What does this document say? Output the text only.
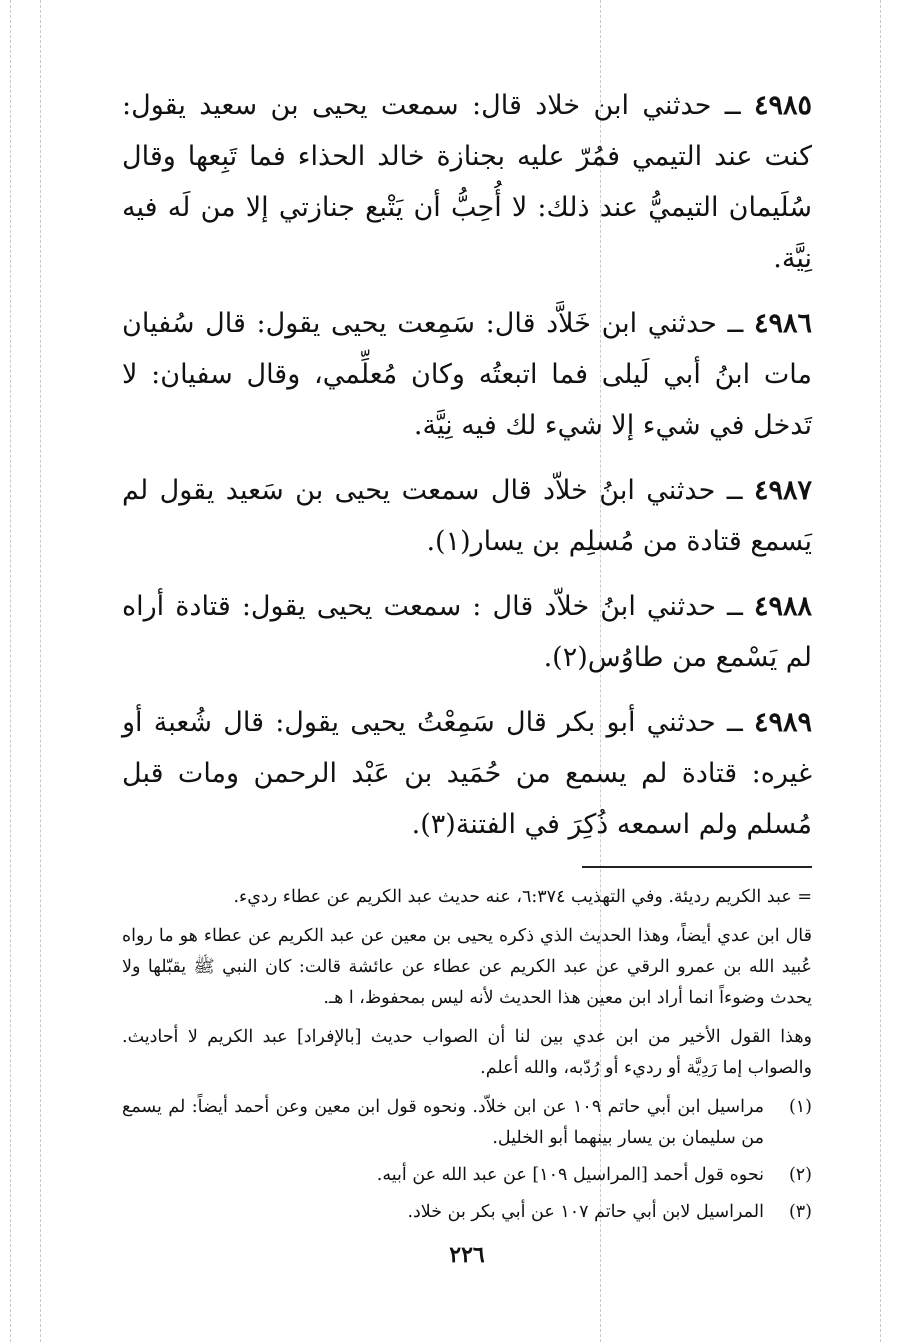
٤٩٨٥ ــ حدثني ابن خلاد قال: سمعت يحيى بن سعيد يقول: كنت عند التيمي فمُرّ عليه بجنازة خالد الحذاء فما تَبِعها وقال سُلَيمان التيميُّ عند ذلك: لا أُحِبُّ أن يَتْبع جنازتي إلا من لَه فيه نِيَّة.

٤٩٨٦ ــ حدثني ابن خَلاَّد قال: سَمِعت يحيى يقول: قال سُفيان مات ابنُ أبي لَيلى فما اتبعتُه وكان مُعلِّمي، وقال سفيان: لا تَدخل في شيء إلا شيء لك فيه نِيَّة.

٤٩٨٧ ــ حدثني ابنُ خلاّد قال سمعت يحيى بن سَعيد يقول لم يَسمع قتادة من مُسلِم بن يسار(١).

٤٩٨٨ ــ حدثني ابنُ خلاّد قال : سمعت يحيى يقول: قتادة أراه لم يَسْمع من طاوُس(٢).

٤٩٨٩ ــ حدثني أبو بكر قال سَمِعْتُ يحيى يقول: قال شُعبة أو غيره: قتادة لم يسمع من حُمَيد بن عَبْد الرحمن ومات قبل مُسلم ولم اسمعه ذُكِرَ في الفتنة(٣).

= عبد الكريم رديئة. وفي التهذيب ٦:٣٧٤، عنه حديث عبد الكريم عن عطاء رديء.

قال ابن عدي أيضاً، وهذا الحديث الذي ذكره يحيى بن معين عن عبد الكريم عن عطاء هو ما رواه عُبيد الله بن عمرو الرقي عن عبد الكريم عن عطاء عن عائشة قالت: كان النبي ﷺ يقبّلها ولا يحدث وضوءاً انما أراد ابن معين هذا الحديث لأنه ليس بمحفوظ، ا هـ.

وهذا القول الأخير من ابن عدي بين لنا أن الصواب حديث [بالإفراد] عبد الكريم لا أحاديث. والصواب إما رَدِيَّة أو رديء أو رُدّبه، والله أعلم.

(١)
مراسيل ابن أبي حاتم ١٠٩ عن ابن خلاّد. ونحوه قول ابن معين وعن أحمد أيضاً: لم يسمع من سليمان بن يسار بينهما أبو الخليل.
(٢)
نحوه قول أحمد [المراسيل ١٠٩] عن عبد الله عن أبيه.
(٣)
المراسيل لابن أبي حاتم ١٠٧ عن أبي بكر بن خلاد.
٢٢٦
